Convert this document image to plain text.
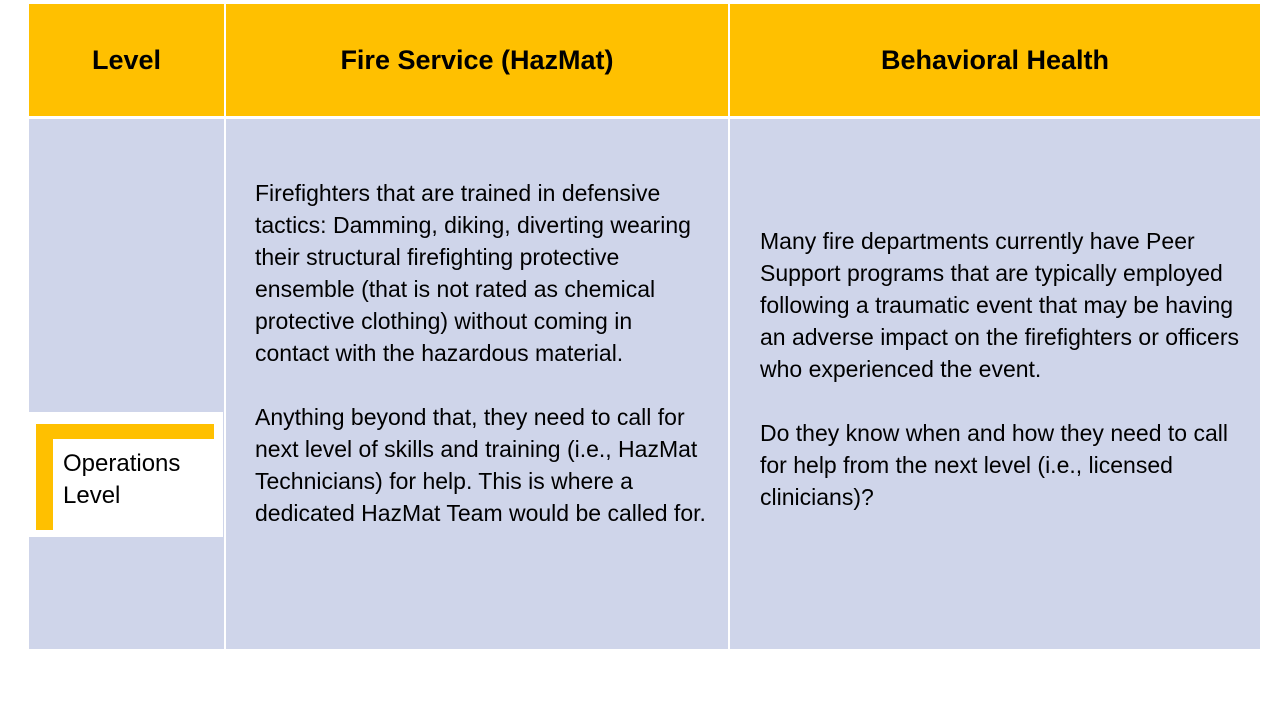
Level	Fire Service (HazMat)	Behavioral Health
Operations Level

Firefighters that are trained in defensive tactics: Damming, diking, diverting wearing their structural firefighting protective ensemble (that is not rated as chemical protective clothing) without coming in contact with the hazardous material.

Anything beyond that, they need to call for next level of skills and training (i.e., HazMat Technicians) for help. This is where a dedicated HazMat Team would be called for.

Many fire departments currently have Peer Support programs that are typically employed following a traumatic event that may be having an adverse impact on the firefighters or officers who experienced the event.

Do they know when and how they need to call for help from the next level (i.e., licensed clinicians)?
